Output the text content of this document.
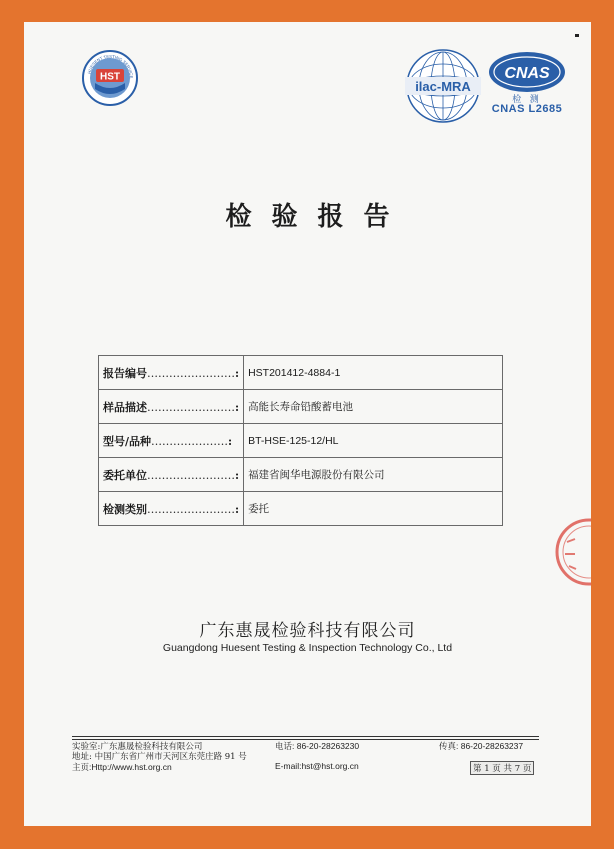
HST
HUESENT TESTING SERVICE
ilac-MRA
CNAS
检 测
CNAS L2685
检验报告
报告编号……………………:	HST201412-4884-1
样品描述……………………:	高能长寿命铅酸蓄电池
型号/品种…………………:	BT-HSE-125-12/HL
委托单位……………………:	福建省闽华电源股份有限公司
检测类别……………………:	委托
广东惠晟检验科技有限公司
Guangdong Huesent Testing & Inspection Technology Co., Ltd
实验室:广东惠晟检验科技有限公司	电话: 86-20-28263230	传真: 86-20-28263237
地址: 中国广东省广州市天河区东莞庄路 91 号
主页:Http://www.hst.org.cn	E-mail:hst@hst.org.cn	第 1 页 共 7 页
